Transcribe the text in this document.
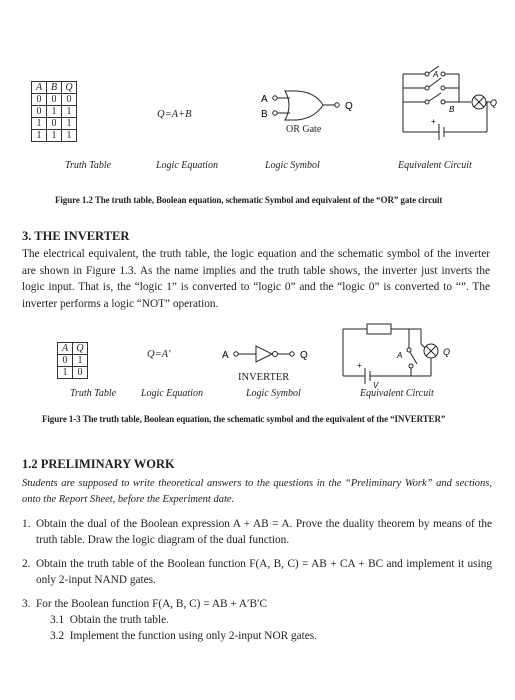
A	B	Q
0	0	0
0	1	1
1	0	1
1	1	1
Q=A+B
A
B
Q
OR Gate
A
B
Q
+
Truth Table	Logic Equation	Logic Symbol	Equivalent Circuit
Figure 1.2 The truth table, Boolean equation, schematic Symbol and equivalent of the “OR” gate circuit
3. THE INVERTER
The electrical equivalent, the truth table, the logic equation and the schematic symbol of the inverter are shown in Figure 1.3. As the name implies and the truth table shows, the inverter just inverts the logic input. That is, the “logic 1” is converted to “logic 0” and the “logic 0” is converted to “”. The inverter performs a logic “NOT” operation.
A	Q
0	1
1	0
Q=A'	A	Q
INVERTER
A	Q
+
V
Truth Table Logic Equation	Logic Symbol	Equivalent Circuit
Figure 1-3 The truth table, Boolean equation, the schematic symbol and the equivalent of the “INVERTER”
1.2 PRELIMINARY WORK
Students are supposed to write theoretical answers to the questions in the “Preliminary Work” and sections, onto the Report Sheet, before the Experiment date.
1. Obtain the dual of the Boolean expression A + AB = A. Prove the duality theorem by means of the truth table. Draw the logic diagram of the dual function.
2. Obtain the truth table of the Boolean function F(A, B, C) = AB + CA + BC and implement it using only 2-input NAND gates.
3. For the Boolean function F(A, B, C) = AB + A′B′C
3.1 Obtain the truth table.
3.2 Implement the function using only 2-input NOR gates.
